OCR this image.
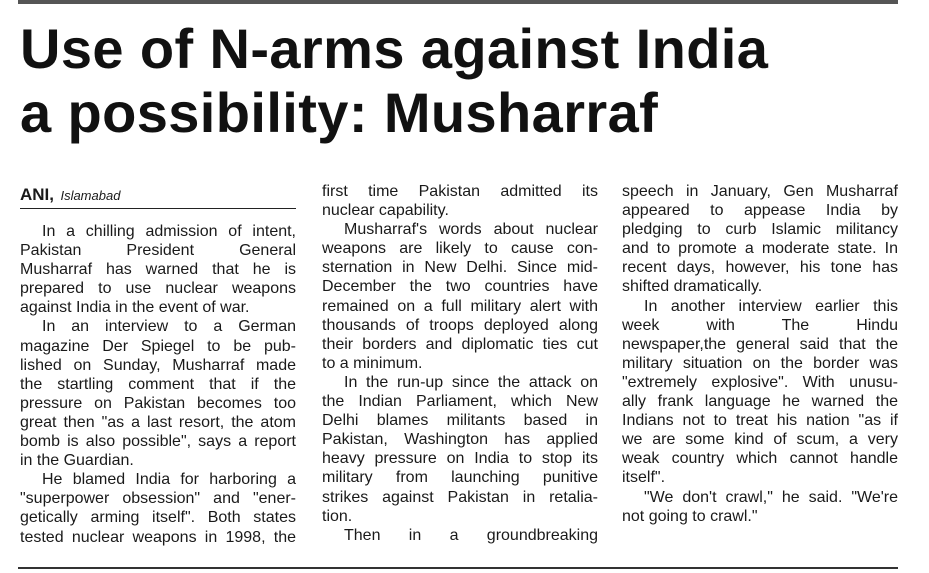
Use of N-arms against India
a possibility: Musharraf
ANI, Islamabad

In a chilling admission of intent,

Pakistan President General

Musharraf has warned that he is

prepared to use nuclear weapons

against India in the event of war.

In an interview to a German

magazine Der Spiegel to be pub-

lished on Sunday, Musharraf made

the startling comment that if the

pressure on Pakistan becomes too

great then "as a last resort, the atom

bomb is also possible", says a report

in the Guardian.

He blamed India for harboring a

"superpower obsession" and "ener-

getically arming itself". Both states

tested nuclear weapons in 1998, the

first time Pakistan admitted its

nuclear capability.

Musharraf's words about nuclear

weapons are likely to cause con-

sternation in New Delhi. Since mid-

December the two countries have

remained on a full military alert with

thousands of troops deployed along

their borders and diplomatic ties cut

to a minimum.

In the run-up since the attack on

the Indian Parliament, which New

Delhi blames militants based in

Pakistan, Washington has applied

heavy pressure on India to stop its

military from launching punitive

strikes against Pakistan in retalia-

tion.

Then in a groundbreaking

speech in January, Gen Musharraf

appeared to appease India by

pledging to curb Islamic militancy

and to promote a moderate state. In

recent days, however, his tone has

shifted dramatically.

In another interview earlier this

week with The Hindu

newspaper,the general said that the

military situation on the border was

"extremely explosive". With unusu-

ally frank language he warned the

Indians not to treat his nation "as if

we are some kind of scum, a very

weak country which cannot handle

itself".

"We don't crawl," he said. "We're

not going to crawl."
